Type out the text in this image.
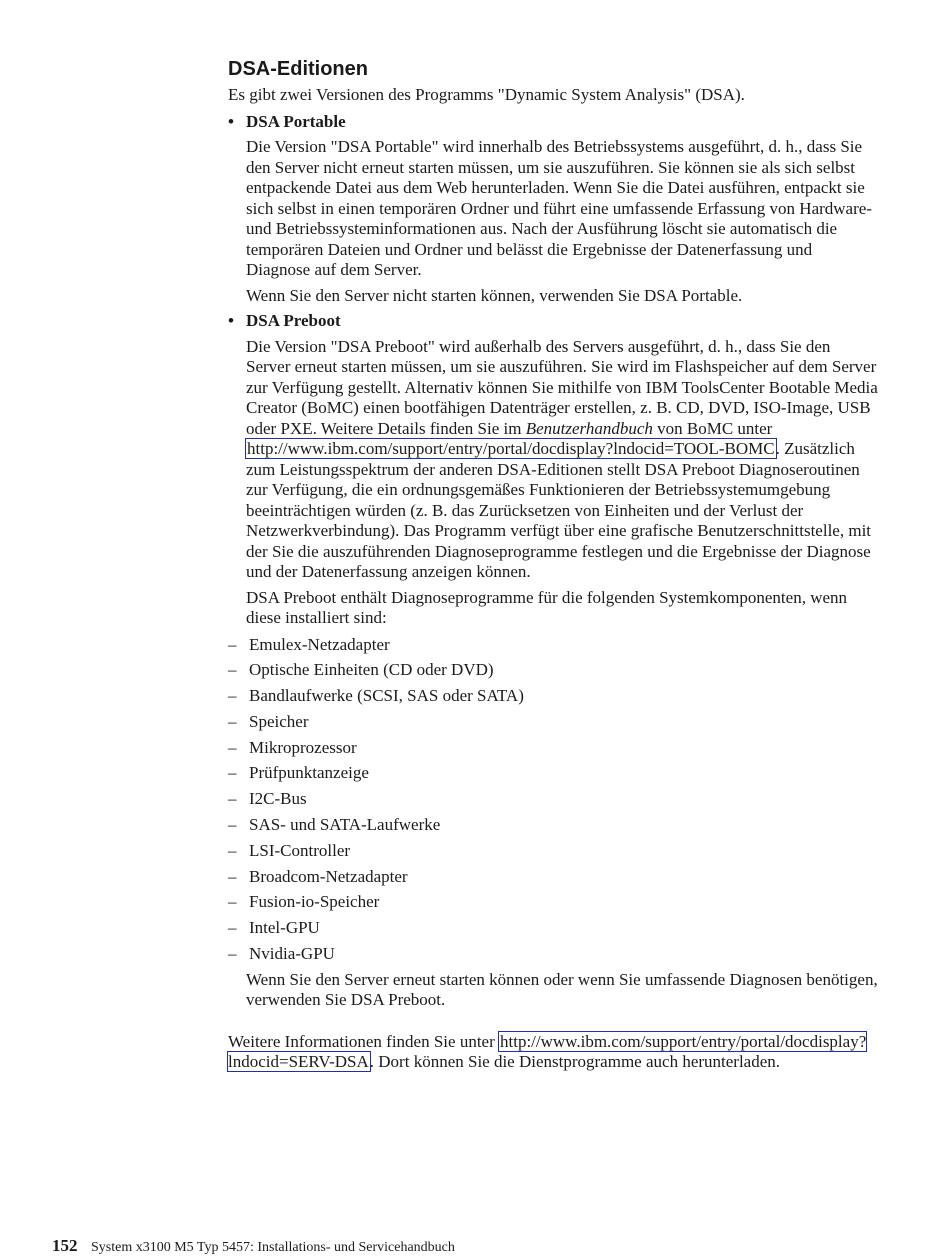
DSA-Editionen

Es gibt zwei Versionen des Programms "Dynamic System Analysis" (DSA).

• DSA Portable

Die Version "DSA Portable" wird innerhalb des Betriebssystems ausgeführt, d. h., dass Sie den Server nicht erneut starten müssen, um sie auszuführen. Sie können sie als sich selbst entpackende Datei aus dem Web herunterladen. Wenn Sie die Datei ausführen, entpackt sie sich selbst in einen temporären Ordner und führt eine umfassende Erfassung von Hardware- und Betriebssysteminformationen aus. Nach der Ausführung löscht sie automatisch die temporären Dateien und Ordner und belässt die Ergebnisse der Datenerfassung und Diagnose auf dem Server.

Wenn Sie den Server nicht starten können, verwenden Sie DSA Portable.

• DSA Preboot

Die Version "DSA Preboot" wird außerhalb des Servers ausgeführt, d. h., dass Sie den Server erneut starten müssen, um sie auszuführen. Sie wird im Flashspeicher auf dem Server zur Verfügung gestellt. Alternativ können Sie mithilfe von IBM ToolsCenter Bootable Media Creator (BoMC) einen bootfähigen Datenträger erstellen, z. B. CD, DVD, ISO-Image, USB oder PXE. Weitere Details finden Sie im Benutzerhandbuch von BoMC unter http://www.ibm.com/support/entry/portal/docdisplay?lndocid=TOOL-BOMC. Zusätzlich zum Leistungsspektrum der anderen DSA-Editionen stellt DSA Preboot Diagnoseroutinen zur Verfügung, die ein ordnungsgemäßes Funktionieren der Betriebssystemumgebung beeinträchtigen würden (z. B. das Zurücksetzen von Einheiten und der Verlust der Netzwerkverbindung). Das Programm verfügt über eine grafische Benutzerschnittstelle, mit der Sie die auszuführenden Diagnoseprogramme festlegen und die Ergebnisse der Diagnose und der Datenerfassung anzeigen können.

DSA Preboot enthält Diagnoseprogramme für die folgenden Systemkomponenten, wenn diese installiert sind:

– Emulex-Netzadapter
– Optische Einheiten (CD oder DVD)
– Bandlaufwerke (SCSI, SAS oder SATA)
– Speicher
– Mikroprozessor
– Prüfpunktanzeige
– I2C-Bus
– SAS- und SATA-Laufwerke
– LSI-Controller
– Broadcom-Netzadapter
– Fusion-io-Speicher
– Intel-GPU
– Nvidia-GPU

Wenn Sie den Server erneut starten können oder wenn Sie umfassende Diagnosen benötigen, verwenden Sie DSA Preboot.

Weitere Informationen finden Sie unter http://www.ibm.com/support/entry/portal/docdisplay?lndocid=SERV-DSA. Dort können Sie die Dienstprogramme auch herunterladen.

152 System x3100 M5 Typ 5457: Installations- und Servicehandbuch
